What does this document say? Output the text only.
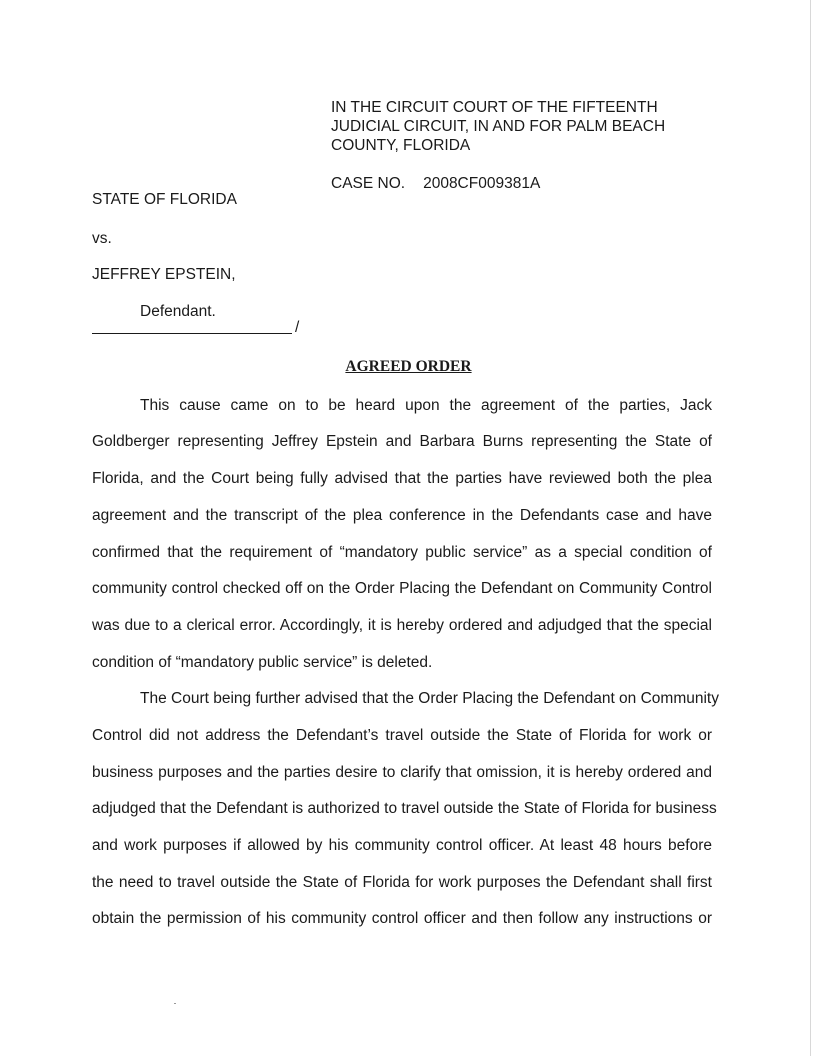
IN THE CIRCUIT COURT OF THE FIFTEENTH
JUDICIAL CIRCUIT, IN AND FOR PALM BEACH
COUNTY, FLORIDA
CASE NO. 2008CF009381A
STATE OF FLORIDA
vs.
JEFFREY EPSTEIN,
Defendant.
/
AGREED ORDER
This cause came on to be heard upon the agreement of the parties, Jack
Goldberger representing Jeffrey Epstein and Barbara Burns representing the State of
Florida, and the Court being fully advised that the parties have reviewed both the plea
agreement and the transcript of the plea conference in the Defendants case and have
confirmed that the requirement of “mandatory public service” as a special condition of
community control checked off on the Order Placing the Defendant on Community Control
was due to a clerical error. Accordingly, it is hereby ordered and adjudged that the special
condition of “mandatory public service” is deleted.
The Court being further advised that the Order Placing the Defendant on Community
Control did not address the Defendant’s travel outside the State of Florida for work or
business purposes and the parties desire to clarify that omission, it is hereby ordered and
adjudged that the Defendant is authorized to travel outside the State of Florida for business
and work purposes if allowed by his community control officer. At least 48 hours before
the need to travel outside the State of Florida for work purposes the Defendant shall first
obtain the permission of his community control officer and then follow any instructions or
